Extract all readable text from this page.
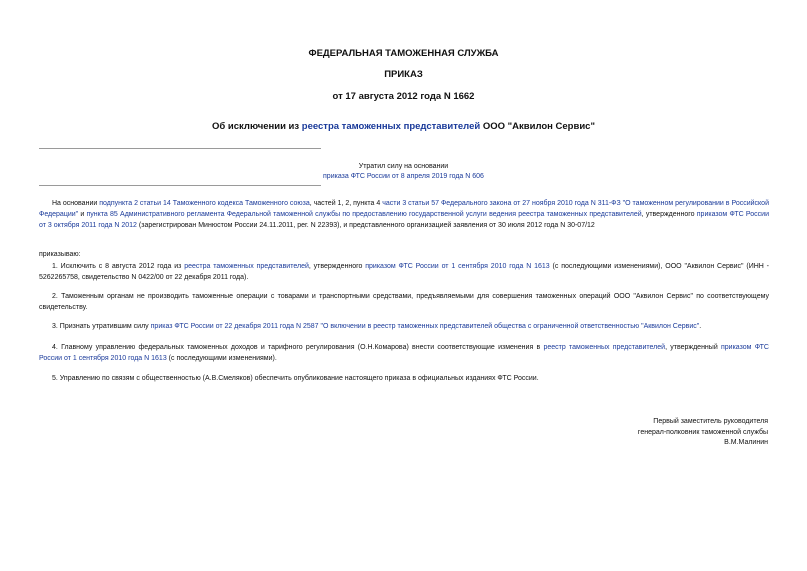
ФЕДЕРАЛЬНАЯ ТАМОЖЕННАЯ СЛУЖБА
ПРИКАЗ
от 17 августа 2012 года N 1662
Об исключении из реестра таможенных представителей ООО "Аквилон Сервис"
Утратил силу на основании
приказа ФТС России от 8 апреля 2019 года N 606
На основании подпункта 2 статьи 14 Таможенного кодекса Таможенного союза, частей 1, 2, пункта 4 части 3 статьи 57 Федерального закона от 27 ноября 2010 года N 311-ФЗ "О таможенном регулировании в Российской Федерации" и пункта 85 Административного регламента Федеральной таможенной службы по предоставлению государственной услуги ведения реестра таможенных представителей, утвержденного приказом ФТС России от 3 октября 2011 года N 2012 (зарегистрирован Минюстом России 24.11.2011, рег. N 22393), и представленного организацией заявления от 30 июля 2012 года N 30-07/12
приказываю:
1. Исключить с 8 августа 2012 года из реестра таможенных представителей, утвержденного приказом ФТС России от 1 сентября 2010 года N 1613 (с последующими изменениями), ООО "Аквилон Сервис" (ИНН - 5262265758, свидетельство N 0422/00 от 22 декабря 2011 года).
2. Таможенным органам не производить таможенные операции с товарами и транспортными средствами, предъявляемыми для совершения таможенных операций ООО "Аквилон Сервис" по соответствующему свидетельству.
3. Признать утратившим силу приказ ФТС России от 22 декабря 2011 года N 2587 "О включении в реестр таможенных представителей общества с ограниченной ответственностью "Аквилон Сервис".
4. Главному управлению федеральных таможенных доходов и тарифного регулирования (О.Н.Комарова) внести соответствующие изменения в реестр таможенных представителей, утвержденный приказом ФТС России от 1 сентября 2010 года N 1613 (с последующими изменениями).
5. Управлению по связям с общественностью (А.В.Смеляков) обеспечить опубликование настоящего приказа в официальных изданиях ФТС России.
Первый заместитель руководителя
генерал-полковник таможенной службы
В.М.Малинин
